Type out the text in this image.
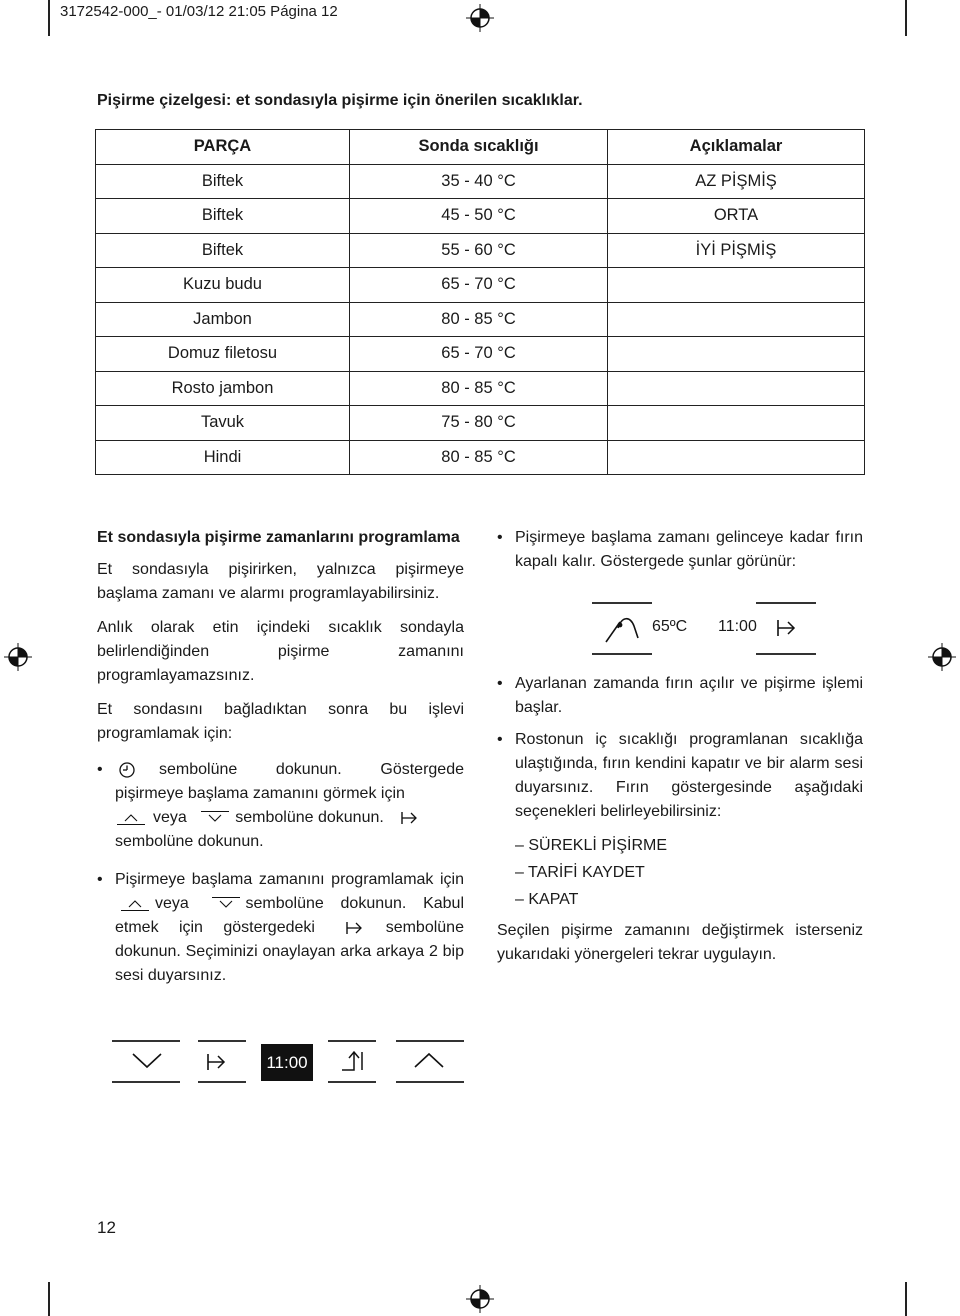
3172542-000_- 01/03/12 21:05 Página 12
Pişirme çizelgesi: et sondasıyla pişirme için önerilen sıcaklıklar.
PARÇA	Sonda sıcaklığı	Açıklamalar
Biftek	35 - 40 °C	AZ PİŞMİŞ
Biftek	45 - 50 °C	ORTA
Biftek	55 - 60 °C	İYİ PİŞMİŞ
Kuzu budu	65 - 70 °C	
Jambon	80 - 85 °C	
Domuz filetosu	65 - 70 °C	
Rosto jambon	80 - 85 °C	
Tavuk	75 - 80 °C	
Hindi	80 - 85 °C	
Et sondasıyla pişirme zamanlarını programlama

Et sondasıyla pişirirken, yalnızca pişirmeye başlama zamanı ve alarmı programlayabilirsiniz.

Anlık olarak etin içindeki sıcaklık sondayla belirlendiğinden pişirme zamanını programlayamazsınız.

Et sondasını bağladıktan sonra bu işlevi programlamak için:

• sembolüne dokunun. Göstergede pişirmeye başlama zamanını görmek için
veya	sembolüne dokunun.
sembolüne dokunun.
• Pişirmeye başlama zamanını programlamak için veya	sembolüne dokunun. Kabul etmek için göstergedeki	sembolüne dokunun. Seçiminizi onaylayan arka arkaya 2 bip sesi duyarsınız.
• Pişirmeye başlama zamanı gelinceye kadar fırın kapalı kalır. Göstergede şunlar görünür:
• Ayarlanan zamanda fırın açılır ve pişirme işlemi başlar.
• Rostonun iç sıcaklığı programlanan sıcaklığa ulaştığında, fırın kendini kapatır ve bir alarm sesi duyarsınız. Fırın göstergesinde aşağıdaki seçenekleri belirleyebilirsiniz:
– SÜREKLİ PİŞİRME
– TARİFİ KAYDET
– KAPAT

Seçilen pişirme zamanını değiştirmek isterseniz yukarıdaki yönergeleri tekrar uygulayın.

65ºC 11:00
11:00
12
